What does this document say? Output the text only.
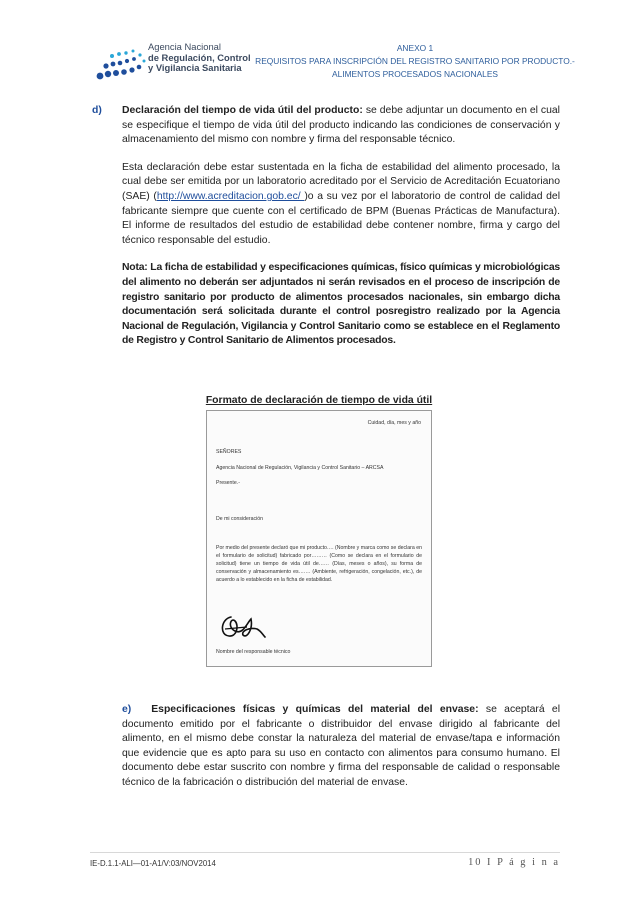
Agencia Nacional
de Regulación, Control
y Vigilancia Sanitaria
ANEXO 1
REQUISITOS PARA INSCRIPCIÓN DEL REGISTRO SANITARIO POR PRODUCTO.-
ALIMENTOS PROCESADOS NACIONALES

d) Declaración del tiempo de vida útil del producto: se debe adjuntar un documento en el cual se especifique el tiempo de vida útil del producto indicando las condiciones de conservación y almacenamiento del mismo con nombre y firma del responsable técnico.

Esta declaración debe estar sustentada en la ficha de estabilidad del alimento procesado, la cual debe ser emitida por un laboratorio acreditado por el Servicio de Acreditación Ecuatoriano (SAE) (http://www.acreditacion.gob.ec/ )o a su vez por el laboratorio de control de calidad del fabricante siempre que cuente con el certificado de BPM (Buenas Prácticas de Manufactura). El informe de resultados del estudio de estabilidad debe contener nombre, firma y cargo del técnico responsable del estudio.

Nota: La ficha de estabilidad y especificaciones químicas, físico químicas y microbiológicas del alimento no deberán ser adjuntados ni serán revisados en el proceso de inscripción de registro sanitario por producto de alimentos procesados nacionales, sin embargo dicha documentación será solicitada durante el control posregistro realizado por la Agencia Nacional de Regulación, Vigilancia y Control Sanitario como se establece en el Reglamento de Registro y Control Sanitario de Alimentos procesados.

Formato de declaración de tiempo de vida útil
Cuidad, día, mes y año
SEÑORES
Agencia Nacional de Regulación, Vigilancia y Control Sanitario – ARCSA
Presente.-
De mi consideración
Por medio del presente declaró que mi producto…. (Nombre y marca como se declara en el formulario de solicitud) fabricado por……… (Como se declara en el formulario de solicitud) tiene un tiempo de vida útil de…… (Días, meses o años), su forma de conservación y almacenamiento es……. (Ambiente, refrigeración, congelación, etc.), de acuerdo a lo establecido en la ficha de estabilidad.
Nombre del responsable técnico

e) Especificaciones físicas y químicas del material del envase: se aceptará el documento emitido por el fabricante o distribuidor del envase dirigido al fabricante del alimento, en el mismo debe constar la naturaleza del material de envase/tapa e información que evidencie que es apto para su uso en contacto con alimentos para consumo humano. El documento debe estar suscrito con nombre y firma del responsable de calidad o responsable técnico de la fabricación o distribución del material de envase.

IE-D.1.1-ALI—01-A1/V:03/NOV2014	10 I P á g i n a
